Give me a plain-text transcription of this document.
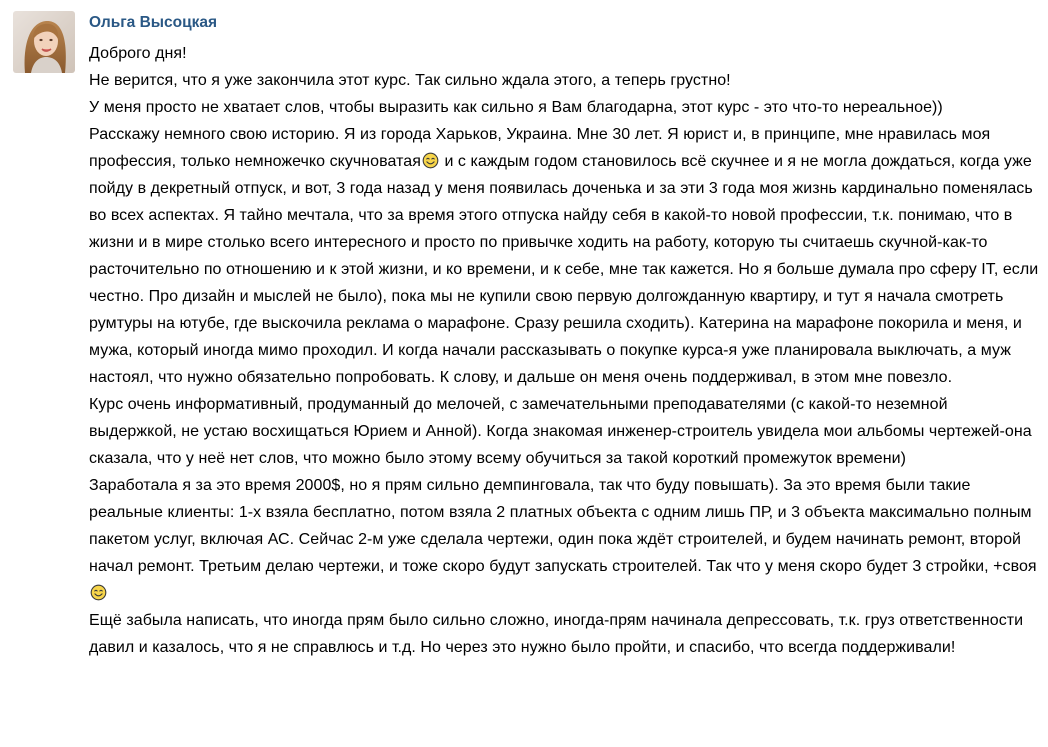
Ольга Высоцкая
Доброго дня!
Не верится, что я уже закончила этот курс. Так сильно ждала этого, а теперь грустно!
У меня просто не хватает слов, чтобы выразить как сильно я Вам благодарна, этот курс - это что-то нереальное))
Расскажу немного свою историю. Я из города Харьков, Украина. Мне 30 лет. Я юрист и, в принципе, мне нравилась моя профессия, только немножечко скучноватая и с каждым годом становилось всё скучнее и я не могла дождаться, когда уже пойду в декретный отпуск, и вот, 3 года назад у меня появилась доченька и за эти 3 года моя жизнь кардинально поменялась во всех аспектах. Я тайно мечтала, что за время этого отпуска найду себя в какой-то новой профессии, т.к. понимаю, что в жизни и в мире столько всего интересного и просто по привычке ходить на работу, которую ты считаешь скучной-как-то расточительно по отношению и к этой жизни, и ко времени, и к себе, мне так кажется. Но я больше думала про сферу IT, если честно. Про дизайн и мыслей не было), пока мы не купили свою первую долгожданную квартиру, и тут я начала смотреть румтуры на ютубе, где выскочила реклама о марафоне. Сразу решила сходить). Катерина на марафоне покорила и меня, и мужа, который иногда мимо проходил. И когда начали рассказывать о покупке курса-я уже планировала выключать, а муж настоял, что нужно обязательно попробовать. К слову, и дальше он меня очень поддерживал, в этом мне повезло.
Курс очень информативный, продуманный до мелочей, с замечательными преподавателями (с какой-то неземной выдержкой, не устаю восхищаться Юрием и Анной). Когда знакомая инженер-строитель увидела мои альбомы чертежей-она сказала, что у неё нет слов, что можно было этому всему обучиться за такой короткий промежуток времени)
Заработала я за это время 2000$, но я прям сильно демпинговала, так что буду повышать). За это время были такие реальные клиенты: 1-х взяла бесплатно, потом взяла 2 платных объекта с одним лишь ПР, и 3 объекта максимально полным пакетом услуг, включая АС. Сейчас 2-м уже сделала чертежи, один пока ждёт строителей, и будем начинать ремонт, второй начал ремонт. Третьим делаю чертежи, и тоже скоро будут запускать строителей. Так что у меня скоро будет 3 стройки, +своя
Ещё забыла написать, что иногда прям было сильно сложно, иногда-прям начинала депрессовать, т.к. груз ответственности давил и казалось, что я не справлюсь и т.д. Но через это нужно было пройти, и спасибо, что всегда поддерживали!
